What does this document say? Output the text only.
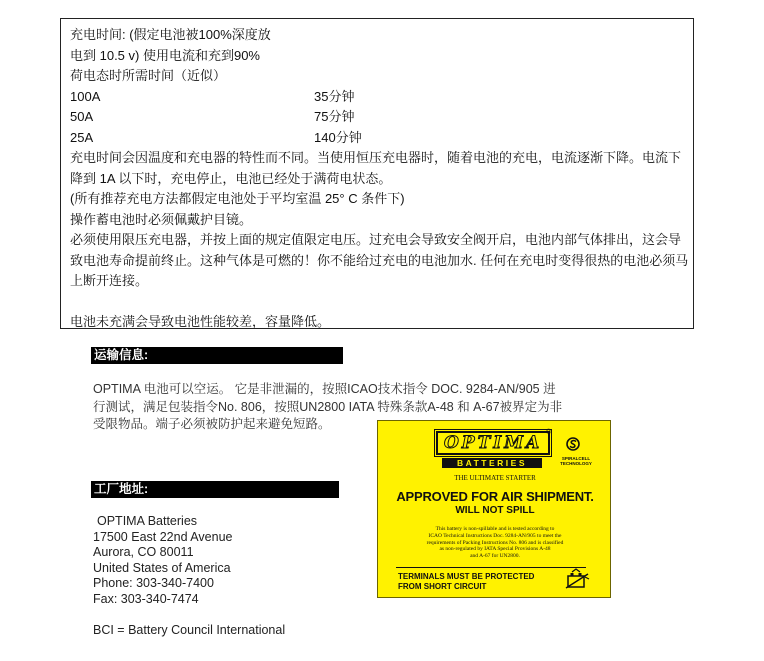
充电时间: (假定电池被100%深度放
电到 10.5 v) 使用电流和充到90%
荷电态时所需时间（近似）
100A	35分钟
50A	75分钟
25A	140分钟
充电时间会因温度和充电器的特性而不同。当使用恒压充电器时，随着电池的充电，电流逐渐下降。电流下降到 1A 以下时，充电停止，电池已经处于满荷电状态。
(所有推荐充电方法都假定电池处于平均室温 25° C 条件下)
操作蓄电池时必须佩戴护目镜。
必须使用限压充电器，并按上面的规定值限定电压。过充电会导致安全阀开启，电池内部气体排出，这会导致电池寿命提前终止。这种气体是可燃的！你不能给过充电的电池加水. 任何在充电时变得很热的电池必须马上断开连接。
电池未充满会导致电池性能较差，容量降低。
运输信息:
OPTIMA 电池可以空运。 它是非泄漏的，按照ICAO技术指令 DOC. 9284-AN/905 进
行测试，满足包装指令No. 806，按照UN2800 IATA 特殊条款A-48 和 A-67被界定为非
受限物品。端子必须被防护起来避免短路。
工厂地址:
OPTIMA Batteries
17500 East 22nd Avenue
Aurora, CO 80011
United States of America
Phone: 303-340-7400
Fax: 303-340-7474
BCI = Battery Council International
OPTIMA
BATTERIES
®
SPIRALCELL
TECHNOLOGY
THE ULTIMATE STARTER
APPROVED FOR AIR SHIPMENT.
WILL NOT SPILL
This battery is non-spillable and is tested according to
ICAO Technical Instructions Doc. 9284-AN/905 to meet the
requirements of Packing Instructions No. 806 and is classified
as non-regulated by IATA Special Provisions A-48
and A-67 for UN2800.
TERMINALS MUST BE PROTECTED
FROM SHORT CIRCUIT
